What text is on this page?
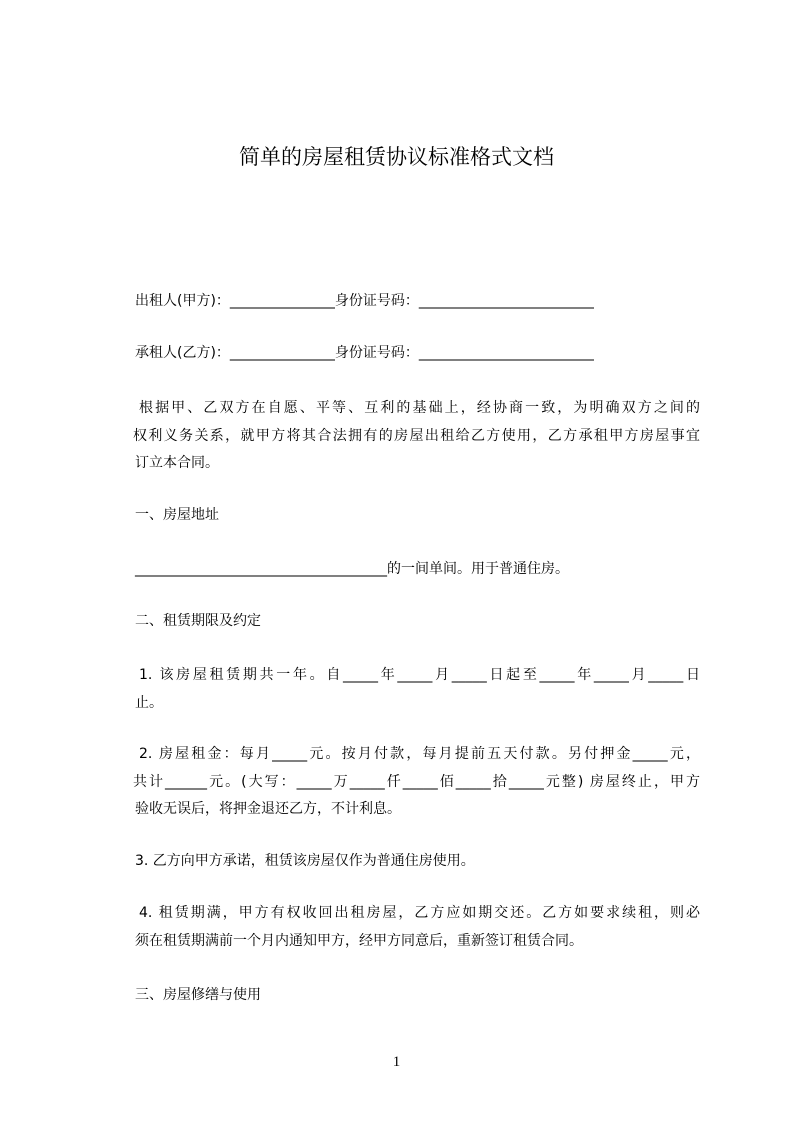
简单的房屋租赁协议标准格式文档
出租人(甲方)：_______________身份证号码：_________________________
承租人(乙方)：_______________身份证号码：_________________________
根据甲、乙双方在自愿、平等、互利的基础上，经协商一致，为明确双方之间的
权利义务关系，就甲方将其合法拥有的房屋出租给乙方使用，乙方承租甲方房屋事宜
订立本合同。
一、房屋地址
____________________________________的一间单间。用于普通住房。
二、租赁期限及约定
1. 该房屋租赁期共一年。自_____年_____月_____日起至_____年_____月_____日
止。
2. 房屋租金：每月_____元。按月付款，每月提前五天付款。另付押金_____元，
共计______元。(大写：_____万_____仟_____佰_____拾_____元整) 房屋终止，甲方
验收无误后，将押金退还乙方，不计利息。
3. 乙方向甲方承诺，租赁该房屋仅作为普通住房使用。
4. 租赁期满，甲方有权收回出租房屋，乙方应如期交还。乙方如要求续租，则必
须在租赁期满前一个月内通知甲方，经甲方同意后，重新签订租赁合同。
三、房屋修缮与使用
1
